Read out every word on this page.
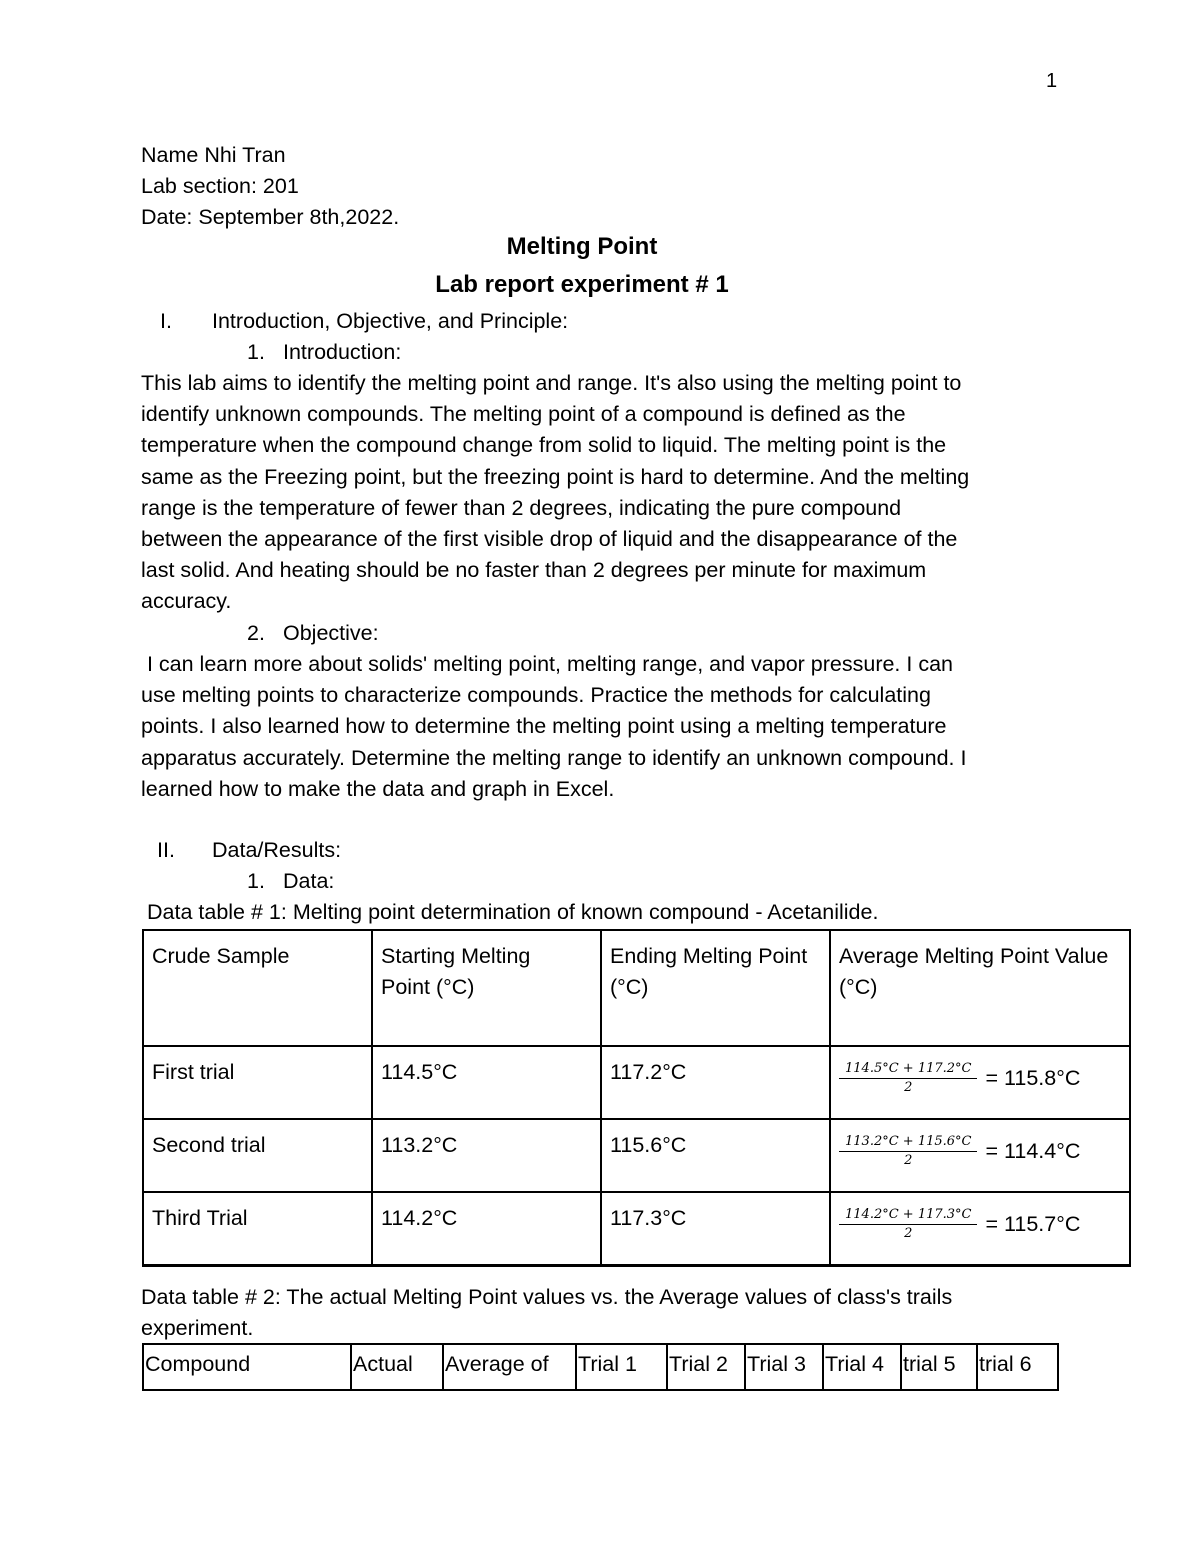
1
Name Nhi Tran
Lab section: 201
Date: September 8th,2022.
Melting Point
Lab report experiment # 1
I. Introduction, Objective, and Principle:
1. Introduction:
This lab aims to identify the melting point and range. It's also using the melting point to
identify unknown compounds. The melting point of a compound is defined as the
temperature when the compound change from solid to liquid. The melting point is the
same as the Freezing point, but the freezing point is hard to determine. And the melting
range is the temperature of fewer than 2 degrees, indicating the pure compound
between the appearance of the first visible drop of liquid and the disappearance of the
last solid. And heating should be no faster than 2 degrees per minute for maximum
accuracy.
2. Objective:
I can learn more about solids' melting point, melting range, and vapor pressure. I can
use melting points to characterize compounds. Practice the methods for calculating
points. I also learned how to determine the melting point using a melting temperature
apparatus accurately. Determine the melting range to identify an unknown compound. I
learned how to make the data and graph in Excel.
II. Data/Results:
1. Data:
Data table # 1: Melting point determination of known compound - Acetanilide.
Crude Sample	Starting Melting Point (°C)	Ending Melting Point (°C)	Average Melting Point Value (°C)
First trial	114.5°C	117.2°C	$\frac{114.5^\circ C + 117.2^\circ C}{2} = 115.8^\circ C$

Second trial	113.2°C	115.6°C	$\frac{113.2^\circ C + 115.6^\circ C}{2} = 114.4^\circ C$

Third Trial	114.2°C	117.3°C	$\frac{114.2^\circ C + 117.3^\circ C}{2} = 115.7^\circ C$
Data table # 2: The actual Melting Point values vs. the Average values of class's trails
experiment.
Compound	Actual	Average of	Trial 1	Trial 2	Trial 3	Trial 4	trial 5	trial 6
